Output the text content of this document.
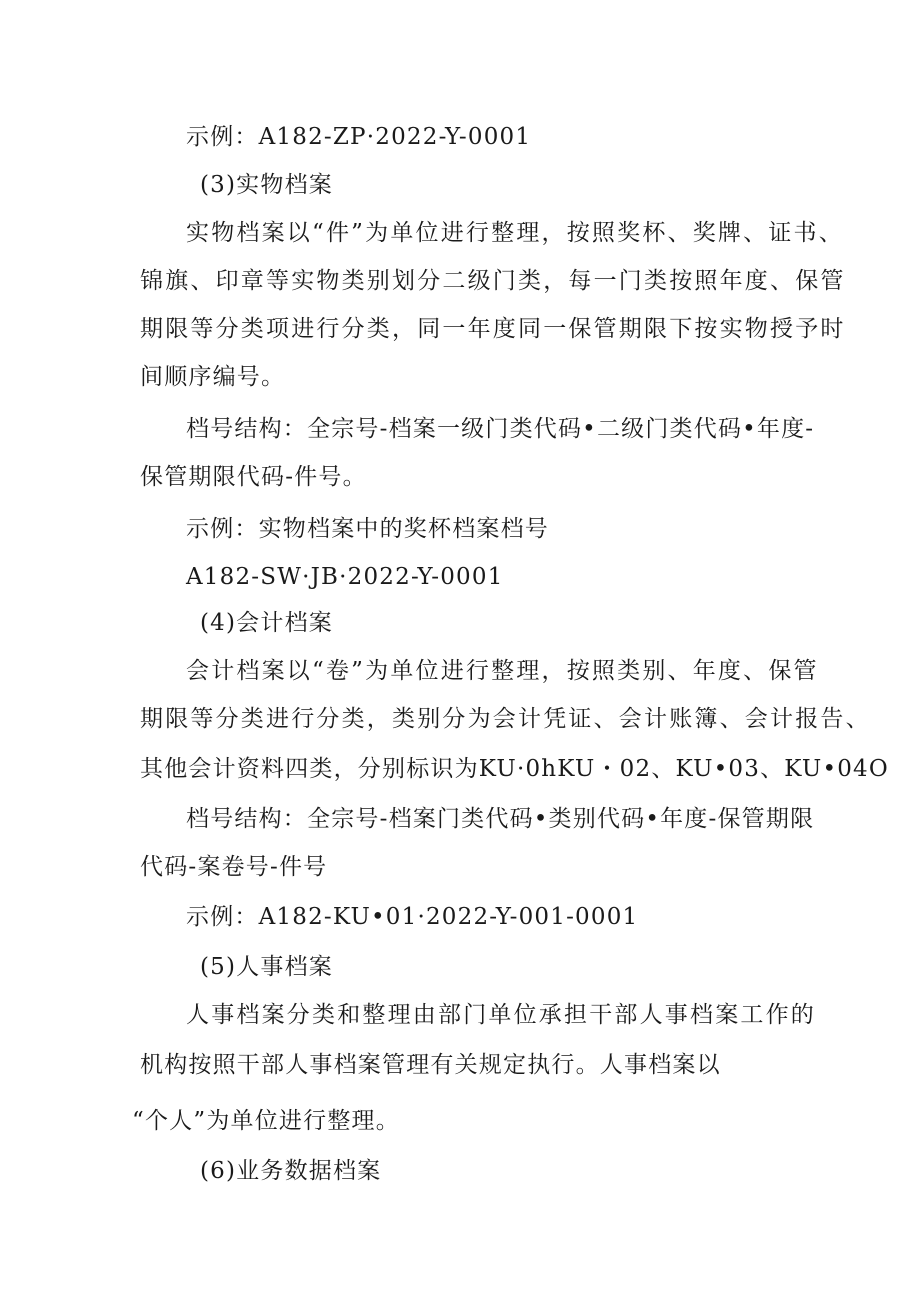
示例：A182-ZP·2022-Y-0001
(3)实物档案
实物档案以“件”为单位进行整理，按照奖杯、奖牌、证书、
锦旗、印章等实物类别划分二级门类，每一门类按照年度、保管
期限等分类项进行分类，同一年度同一保管期限下按实物授予时
间顺序编号。
档号结构：全宗号-档案一级门类代码•二级门类代码•年度-
保管期限代码-件号。
示例：实物档案中的奖杯档案档号
A182-SW·JB·2022-Y-0001
(4)会计档案
会计档案以“卷”为单位进行整理，按照类别、年度、保管
期限等分类进行分类，类别分为会计凭证、会计账簿、会计报告、
其他会计资料四类，分别标识为KU·0hKU・02、KU•03、KU•04O
档号结构：全宗号-档案门类代码•类别代码•年度-保管期限
代码-案卷号-件号
示例：A182-KU•01·2022-Y-001-0001
(5)人事档案
人事档案分类和整理由部门单位承担干部人事档案工作的
机构按照干部人事档案管理有关规定执行。人事档案以
“个人”为单位进行整理。
(6)业务数据档案
